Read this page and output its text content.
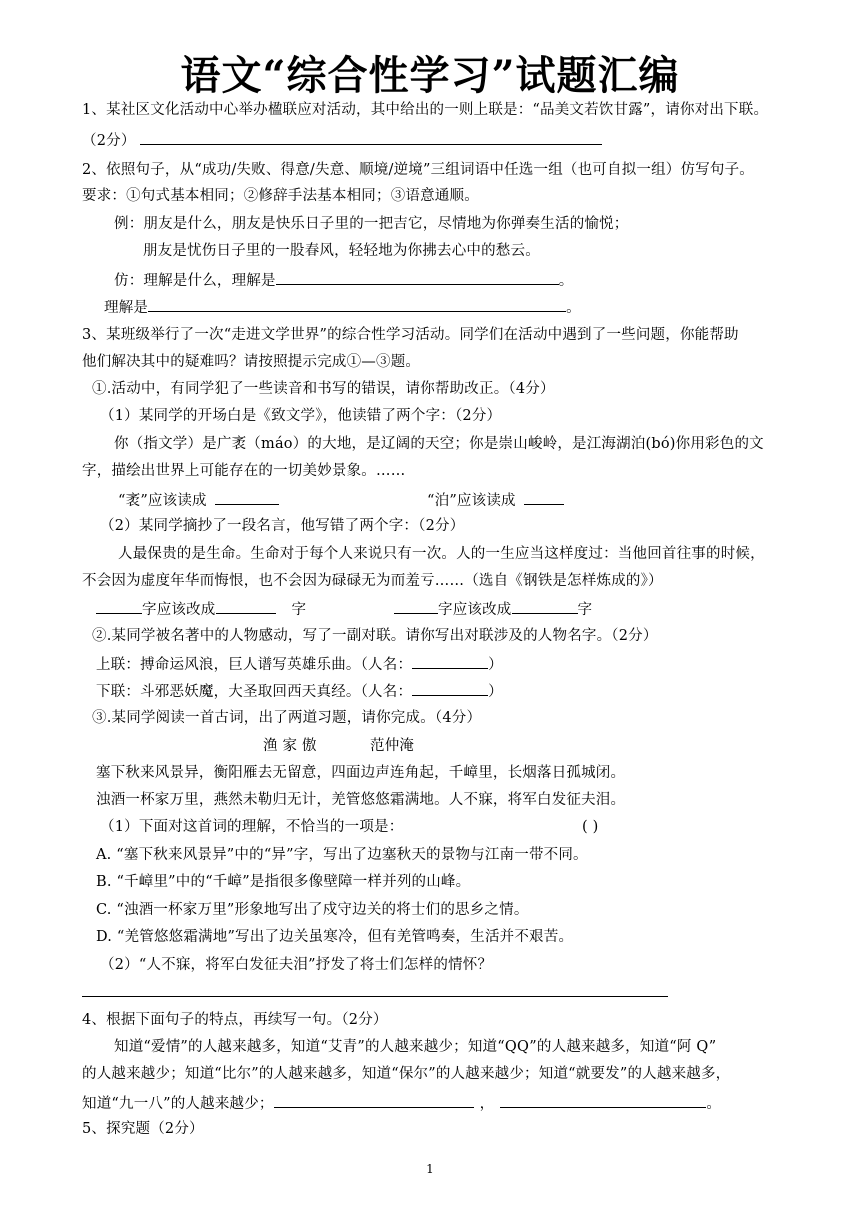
语文“综合性学习”试题汇编
1、某社区文化活动中心举办楹联应对活动，其中给出的一则上联是：“品美文若饮甘露”，请你对出下联。
（2分）
2、依照句子，从“成功/失败、得意/失意、顺境/逆境”三组词语中任选一组（也可自拟一组）仿写句子。
要求：①句式基本相同；②修辞手法基本相同；③语意通顺。
例：朋友是什么，朋友是快乐日子里的一把吉它，尽情地为你弹奏生活的愉悦；
朋友是忧伤日子里的一股春风，轻轻地为你拂去心中的愁云。
仿：理解是什么，理解是	。
理解是	。
3、某班级举行了一次“走进文学世界”的综合性学习活动。同学们在活动中遇到了一些问题，你能帮助
他们解决其中的疑难吗？请按照提示完成①—③题。
①.活动中，有同学犯了一些读音和书写的错误，请你帮助改正。（4分）
（1）某同学的开场白是《致文学》，他读错了两个字：（2分）
你（指文学）是广袤（máo）的大地，是辽阔的天空；你是崇山峻岭，是江海湖泊(bó)你用彩色的文
字，描绘出世界上可能存在的一切美妙景象。……
“袤”应该读成	“泊”应该读成
（2）某同学摘抄了一段名言，他写错了两个字：（2分）
人最保贵的是生命。生命对于每个人来说只有一次。人的一生应当这样度过：当他回首往事的时候，
不会因为虚度年华而悔恨，也不会因为碌碌无为而羞亏……（选自《钢铁是怎样炼成的》）
字应该改成	字	字应该改成	字
②.某同学被名著中的人物感动，写了一副对联。请你写出对联涉及的人物名字。（2分）
上联：搏命运风浪，巨人谱写英雄乐曲。（人名：	）
下联：斗邪恶妖魔，大圣取回西天真经。（人名：	）
③.某同学阅读一首古词，出了两道习题，请你完成。（4分）
渔 家 傲	范仲淹
塞下秋来风景异，衡阳雁去无留意，四面边声连角起，千嶂里，长烟落日孤城闭。
浊酒一杯家万里，燕然未勒归无计，羌管悠悠霜满地。人不寐，将军白发征夫泪。
（1）下面对这首词的理解，不恰当的一项是：	( )
A. “塞下秋来风景异”中的“异”字，写出了边塞秋天的景物与江南一带不同。
B. “千嶂里”中的“千嶂”是指很多像壁障一样并列的山峰。
C. “浊酒一杯家万里”形象地写出了戍守边关的将士们的思乡之情。
D. “羌管悠悠霜满地”写出了边关虽寒冷，但有羌管鸣奏，生活并不艰苦。
（2）“人不寐，将军白发征夫泪”抒发了将士们怎样的情怀？
4、根据下面句子的特点，再续写一句。（2分）
知道“爱情”的人越来越多，知道“艾青”的人越来越少；知道“QQ”的人越来越多，知道“阿 Q”
的人越来越少；知道“比尔”的人越来越多，知道“保尔”的人越来越少；知道“就要发”的人越来越多，
知道“九一八”的人越来越少；	，	。
5、探究题（2分）
1
